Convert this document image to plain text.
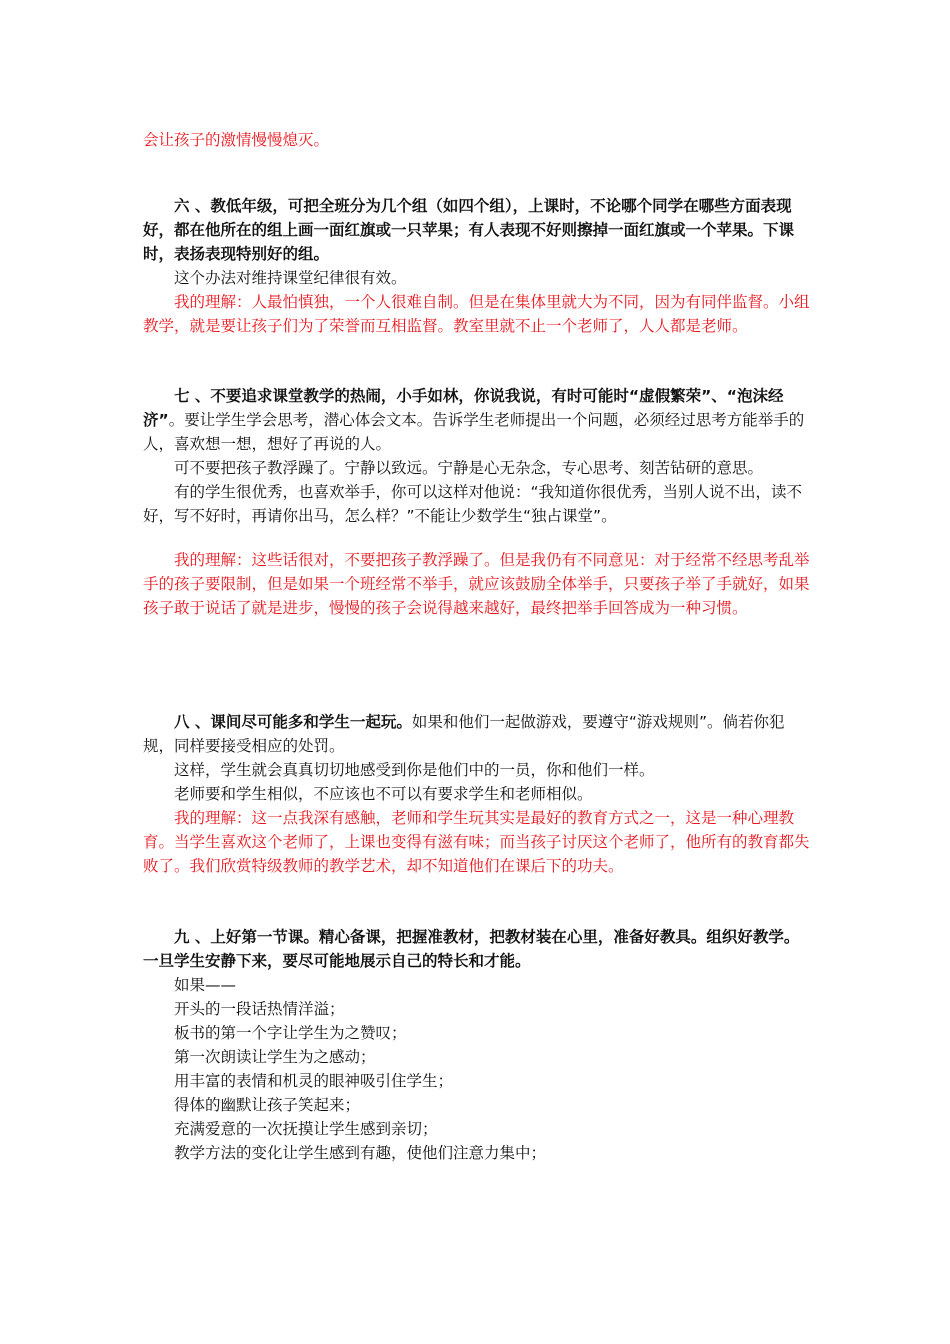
会让孩子的激情慢慢熄灭。

六 、教低年级，可把全班分为几个组（如四个组），上课时，不论哪个同学在哪些方面表现好，都在他所在的组上画一面红旗或一只苹果；有人表现不好则擦掉一面红旗或一个苹果。下课时，表扬表现特别好的组。

这个办法对维持课堂纪律很有效。

我的理解：人最怕慎独，一个人很难自制。但是在集体里就大为不同，因为有同伴监督。小组教学，就是要让孩子们为了荣誉而互相监督。教室里就不止一个老师了，人人都是老师。

七 、不要追求课堂教学的热闹，小手如林，你说我说，有时可能时“虚假繁荣”、“泡沫经济”。要让学生学会思考，潜心体会文本。告诉学生老师提出一个问题，必须经过思考方能举手的人，喜欢想一想，想好了再说的人。

可不要把孩子教浮躁了。宁静以致远。宁静是心无杂念，专心思考、刻苦钻研的意思。

有的学生很优秀，也喜欢举手，你可以这样对他说：“我知道你很优秀，当别人说不出，读不好，写不好时，再请你出马，怎么样？”不能让少数学生“独占课堂”。

我的理解：这些话很对，不要把孩子教浮躁了。但是我仍有不同意见：对于经常不经思考乱举手的孩子要限制，但是如果一个班经常不举手，就应该鼓励全体举手，只要孩子举了手就好，如果孩子敢于说话了就是进步，慢慢的孩子会说得越来越好，最终把举手回答成为一种习惯。

八 、课间尽可能多和学生一起玩。如果和他们一起做游戏，要遵守“游戏规则”。倘若你犯规，同样要接受相应的处罚。

这样，学生就会真真切切地感受到你是他们中的一员，你和他们一样。

老师要和学生相似，不应该也不可以有要求学生和老师相似。

我的理解：这一点我深有感触，老师和学生玩其实是最好的教育方式之一，这是一种心理教育。当学生喜欢这个老师了，上课也变得有滋有味；而当孩子讨厌这个老师了，他所有的教育都失败了。我们欣赏特级教师的教学艺术，却不知道他们在课后下的功夫。

九 、上好第一节课。精心备课，把握准教材，把教材装在心里，准备好教具。组织好教学。一旦学生安静下来，要尽可能地展示自己的特长和才能。

如果——

开头的一段话热情洋溢；

板书的第一个字让学生为之赞叹；

第一次朗读让学生为之感动；

用丰富的表情和机灵的眼神吸引住学生；

得体的幽默让孩子笑起来；

充满爱意的一次抚摸让学生感到亲切；

教学方法的变化让学生感到有趣，使他们注意力集中；
